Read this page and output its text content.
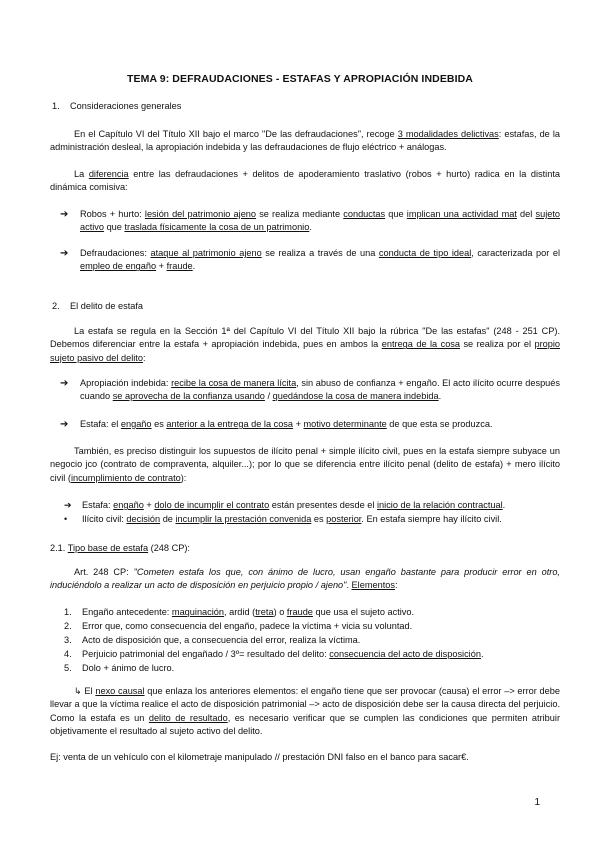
TEMA 9: DEFRAUDACIONES - ESTAFAS Y APROPIACIÓN INDEBIDA
1. Consideraciones generales
En el Capítulo VI del Título XII bajo el marco "De las defraudaciones", recoge 3 modalidades delictivas: estafas, de la administración desleal, la apropiación indebida y las defraudaciones de flujo eléctrico + análogas.
La diferencia entre las defraudaciones + delitos de apoderamiento traslativo (robos + hurto) radica en la distinta dinámica comisiva:
➔ Robos + hurto: lesión del patrimonio ajeno se realiza mediante conductas que implican una actividad mat del sujeto activo que traslada físicamente la cosa de un patrimonio.
➔ Defraudaciones: ataque al patrimonio ajeno se realiza a través de una conducta de tipo ideal, caracterizada por el empleo de engaño + fraude.
2. El delito de estafa
La estafa se regula en la Sección 1ª del Capítulo VI del Título XII bajo la rúbrica "De las estafas" (248 - 251 CP). Debemos diferenciar entre la estafa + apropiación indebida, pues en ambos la entrega de la cosa se realiza por el propio sujeto pasivo del delito:
➔ Apropiación indebida: recibe la cosa de manera lícita, sin abuso de confianza + engaño. El acto ilícito ocurre después cuando se aprovecha de la confianza usando / quedándose la cosa de manera indebida.
➔ Estafa: el engaño es anterior a la entrega de la cosa + motivo determinante de que esta se produzca.
También, es preciso distinguir los supuestos de ilícito penal + simple ilícito civil, pues en la estafa siempre subyace un negocio jco (contrato de compraventa, alquiler...); por lo que se diferencia entre ilícito penal (delito de estafa) + mero ilícito civil (incumplimiento de contrato):
➔ Estafa: engaño + dolo de incumplir el contrato están presentes desde el inicio de la relación contractual.
• Ilícito civil: decisión de incumplir la prestación convenida es posterior. En estafa siempre hay ilícito civil.
2.1. Tipo base de estafa (248 CP):
Art. 248 CP: "Cometen estafa los que, con ánimo de lucro, usan engaño bastante para producir error en otro, induciéndolo a realizar un acto de disposición en perjuicio propio / ajeno". Elementos:
1. Engaño antecedente: maquinación, ardid (treta) o fraude que usa el sujeto activo.
2. Error que, como consecuencia del engaño, padece la víctima + vicia su voluntad.
3. Acto de disposición que, a consecuencia del error, realiza la víctima.
4. Perjuicio patrimonial del engañado / 3º= resultado del delito: consecuencia del acto de disposición.
5. Dolo + ánimo de lucro.
↳ El nexo causal que enlaza los anteriores elementos: el engaño tiene que ser provocar (causa) el error –> error debe llevar a que la víctima realice el acto de disposición patrimonial –> acto de disposición debe ser la causa directa del perjuicio. Como la estafa es un delito de resultado, es necesario verificar que se cumplen las condiciones que permiten atribuir objetivamente el resultado al sujeto activo del delito.
Ej: venta de un vehículo con el kilometraje manipulado // prestación DNI falso en el banco para sacar€.
1
